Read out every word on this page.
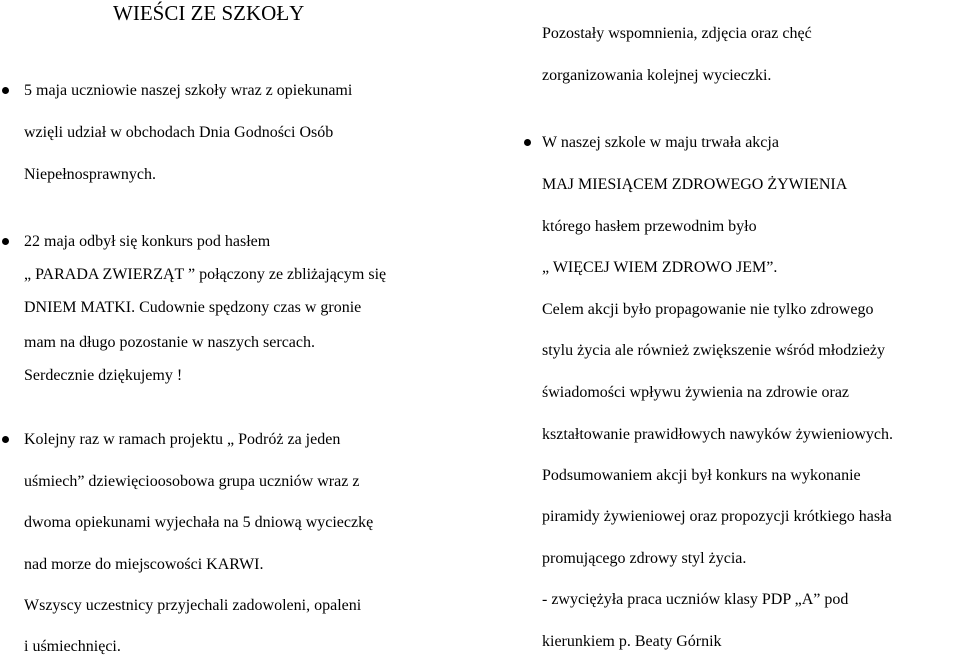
WIEŚCI ZE SZKOŁY
5 maja uczniowie naszej szkoły wraz z opiekunami
wzięli udział w obchodach Dnia Godności Osób
Niepełnosprawnych.
22 maja odbył się konkurs pod hasłem
„ PARADA ZWIERZĄT ” połączony ze zbliżającym się
DNIEM MATKI. Cudownie spędzony czas w gronie
mam na długo pozostanie w naszych sercach.
Serdecznie dziękujemy !
Kolejny raz w ramach projektu „ Podróż za jeden
uśmiech” dziewięcioosobowa grupa uczniów wraz z
dwoma opiekunami wyjechała na 5 dniową wycieczkę
nad morze do miejscowości KARWI.
Wszyscy uczestnicy przyjechali zadowoleni, opaleni
i uśmiechnięci.
Pozostały wspomnienia, zdjęcia oraz chęć
zorganizowania kolejnej wycieczki.
W naszej szkole w maju trwała akcja
MAJ MIESIĄCEM ZDROWEGO ŻYWIENIA
którego hasłem przewodnim było
„ WIĘCEJ WIEM ZDROWO JEM”.
Celem akcji było propagowanie nie tylko zdrowego
stylu życia ale również zwiększenie wśród młodzieży
świadomości wpływu żywienia na zdrowie oraz
kształtowanie prawidłowych nawyków żywieniowych.
Podsumowaniem akcji był konkurs na wykonanie
piramidy żywieniowej oraz propozycji krótkiego hasła
promującego zdrowy styl życia.
- zwyciężyła praca uczniów klasy PDP „A” pod
kierunkiem p. Beaty Górnik
